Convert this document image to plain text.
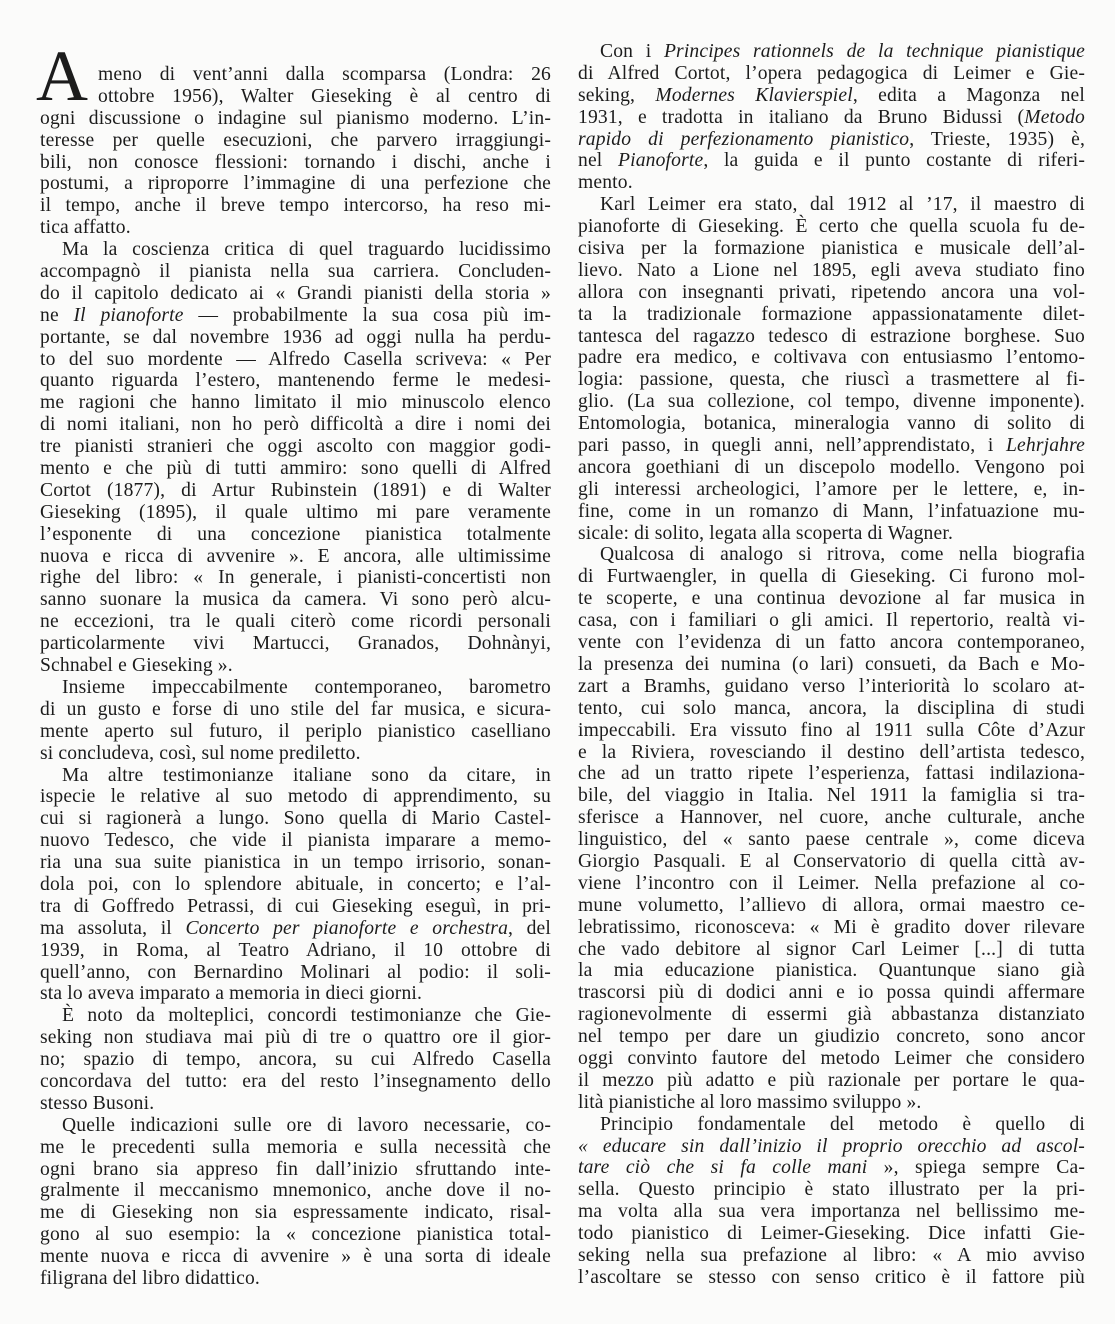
A meno di vent’anni dalla scomparsa (Londra: 26
ottobre 1956), Walter Gieseking è al centro di
ogni discussione o indagine sul pianismo moderno. L’in-
teresse per quelle esecuzioni, che parvero irraggiungi-
bili, non conosce flessioni: tornando i dischi, anche i
postumi, a riproporre l’immagine di una perfezione che
il tempo, anche il breve tempo intercorso, ha reso mi-
tica affatto.
Ma la coscienza critica di quel traguardo lucidissimo
accompagnò il pianista nella sua carriera. Concluden-
do il capitolo dedicato ai « Grandi pianisti della storia »
ne Il pianoforte — probabilmente la sua cosa più im-
portante, se dal novembre 1936 ad oggi nulla ha perdu-
to del suo mordente — Alfredo Casella scriveva: « Per
quanto riguarda l’estero, mantenendo ferme le medesi-
me ragioni che hanno limitato il mio minuscolo elenco
di nomi italiani, non ho però difficoltà a dire i nomi dei
tre pianisti stranieri che oggi ascolto con maggior godi-
mento e che più di tutti ammiro: sono quelli di Alfred
Cortot (1877), di Artur Rubinstein (1891) e di Walter
Gieseking (1895), il quale ultimo mi pare veramente
l’esponente di una concezione pianistica totalmente
nuova e ricca di avvenire ». E ancora, alle ultimissime
righe del libro: « In generale, i pianisti-concertisti non
sanno suonare la musica da camera. Vi sono però alcu-
ne eccezioni, tra le quali citerò come ricordi personali
particolarmente vivi Martucci, Granados, Dohnànyi,
Schnabel e Gieseking ».
Insieme impeccabilmente contemporaneo, barometro
di un gusto e forse di uno stile del far musica, e sicura-
mente aperto sul futuro, il periplo pianistico caselliano
si concludeva, così, sul nome prediletto.
Ma altre testimonianze italiane sono da citare, in
ispecie le relative al suo metodo di apprendimento, su
cui si ragionerà a lungo. Sono quella di Mario Castel-
nuovo Tedesco, che vide il pianista imparare a memo-
ria una sua suite pianistica in un tempo irrisorio, sonan-
dola poi, con lo splendore abituale, in concerto; e l’al-
tra di Goffredo Petrassi, di cui Gieseking eseguì, in pri-
ma assoluta, il Concerto per pianoforte e orchestra, del
1939, in Roma, al Teatro Adriano, il 10 ottobre di
quell’anno, con Bernardino Molinari al podio: il soli-
sta lo aveva imparato a memoria in dieci giorni.
È noto da molteplici, concordi testimonianze che Gie-
seking non studiava mai più di tre o quattro ore il gior-
no; spazio di tempo, ancora, su cui Alfredo Casella
concordava del tutto: era del resto l’insegnamento dello
stesso Busoni.
Quelle indicazioni sulle ore di lavoro necessarie, co-
me le precedenti sulla memoria e sulla necessità che
ogni brano sia appreso fin dall’inizio sfruttando inte-
gralmente il meccanismo mnemonico, anche dove il no-
me di Gieseking non sia espressamente indicato, risal-
gono al suo esempio: la « concezione pianistica total-
mente nuova e ricca di avvenire » è una sorta di ideale
filigrana del libro didattico.
Con i Principes rationnels de la technique pianistique
di Alfred Cortot, l’opera pedagogica di Leimer e Gie-
seking, Modernes Klavierspiel, edita a Magonza nel
1931, e tradotta in italiano da Bruno Bidussi (Metodo
rapido di perfezionamento pianistico, Trieste, 1935) è,
nel Pianoforte, la guida e il punto costante di riferi-
mento.
Karl Leimer era stato, dal 1912 al ’17, il maestro di
pianoforte di Gieseking. È certo che quella scuola fu de-
cisiva per la formazione pianistica e musicale dell’al-
lievo. Nato a Lione nel 1895, egli aveva studiato fino
allora con insegnanti privati, ripetendo ancora una vol-
ta la tradizionale formazione appassionatamente dilet-
tantesca del ragazzo tedesco di estrazione borghese. Suo
padre era medico, e coltivava con entusiasmo l’entomo-
logia: passione, questa, che riuscì a trasmettere al fi-
glio. (La sua collezione, col tempo, divenne imponente).
Entomologia, botanica, mineralogia vanno di solito di
pari passo, in quegli anni, nell’apprendistato, i Lehrjahre
ancora goethiani di un discepolo modello. Vengono poi
gli interessi archeologici, l’amore per le lettere, e, in-
fine, come in un romanzo di Mann, l’infatuazione mu-
sicale: di solito, legata alla scoperta di Wagner.
Qualcosa di analogo si ritrova, come nella biografia
di Furtwaengler, in quella di Gieseking. Ci furono mol-
te scoperte, e una continua devozione al far musica in
casa, con i familiari o gli amici. Il repertorio, realtà vi-
vente con l’evidenza di un fatto ancora contemporaneo,
la presenza dei numina (o lari) consueti, da Bach e Mo-
zart a Bramhs, guidano verso l’interiorità lo scolaro at-
tento, cui solo manca, ancora, la disciplina di studi
impeccabili. Era vissuto fino al 1911 sulla Côte d’Azur
e la Riviera, rovesciando il destino dell’artista tedesco,
che ad un tratto ripete l’esperienza, fattasi indilaziona-
bile, del viaggio in Italia. Nel 1911 la famiglia si tra-
sferisce a Hannover, nel cuore, anche culturale, anche
linguistico, del « santo paese centrale », come diceva
Giorgio Pasquali. E al Conservatorio di quella città av-
viene l’incontro con il Leimer. Nella prefazione al co-
mune volumetto, l’allievo di allora, ormai maestro ce-
lebratissimo, riconosceva: « Mi è gradito dover rilevare
che vado debitore al signor Carl Leimer [...] di tutta
la mia educazione pianistica. Quantunque siano già
trascorsi più di dodici anni e io possa quindi affermare
ragionevolmente di essermi già abbastanza distanziato
nel tempo per dare un giudizio concreto, sono ancor
oggi convinto fautore del metodo Leimer che considero
il mezzo più adatto e più razionale per portare le qua-
lità pianistiche al loro massimo sviluppo ».
Principio fondamentale del metodo è quello di
« educare sin dall’inizio il proprio orecchio ad ascol-
tare ciò che si fa colle mani », spiega sempre Ca-
sella. Questo principio è stato illustrato per la pri-
ma volta alla sua vera importanza nel bellissimo me-
todo pianistico di Leimer-Gieseking. Dice infatti Gie-
seking nella sua prefazione al libro: « A mio avviso
l’ascoltare se stesso con senso critico è il fattore più
